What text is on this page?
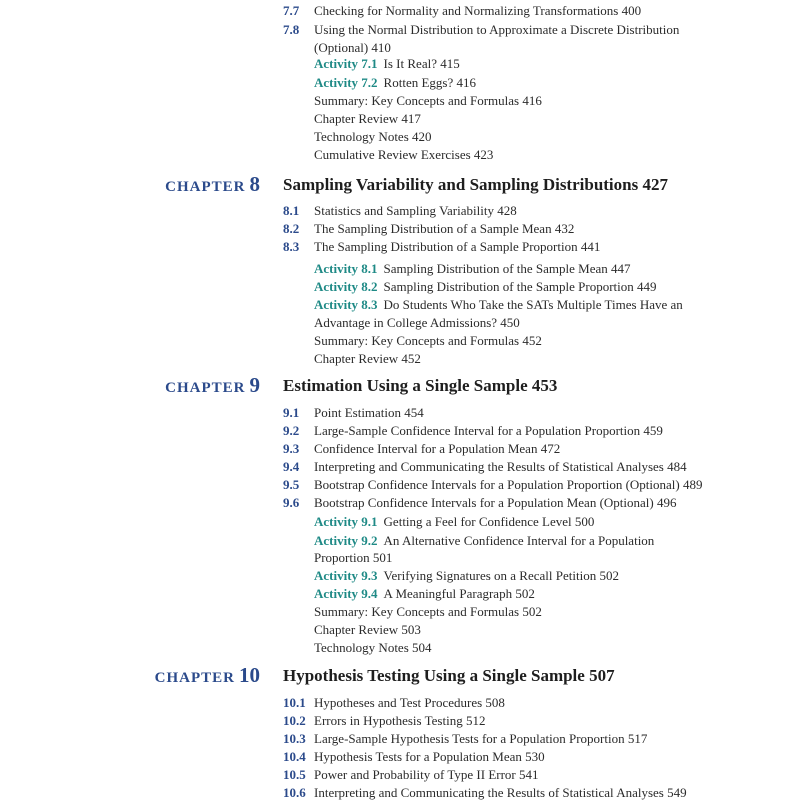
7.7 Checking for Normality and Normalizing Transformations 400
7.8 Using the Normal Distribution to Approximate a Discrete Distribution
(Optional) 410
Activity 7.1 Is It Real? 415
Activity 7.2 Rotten Eggs? 416
Summary: Key Concepts and Formulas 416
Chapter Review 417
Technology Notes 420
Cumulative Review Exercises 423
CHAPTER 8 Sampling Variability and Sampling Distributions 427
8.1 Statistics and Sampling Variability 428
8.2 The Sampling Distribution of a Sample Mean 432
8.3 The Sampling Distribution of a Sample Proportion 441
Activity 8.1 Sampling Distribution of the Sample Mean 447
Activity 8.2 Sampling Distribution of the Sample Proportion 449
Activity 8.3 Do Students Who Take the SATs Multiple Times Have an
Advantage in College Admissions? 450
Summary: Key Concepts and Formulas 452
Chapter Review 452
CHAPTER 9 Estimation Using a Single Sample 453
9.1 Point Estimation 454
9.2 Large-Sample Confidence Interval for a Population Proportion 459
9.3 Confidence Interval for a Population Mean 472
9.4 Interpreting and Communicating the Results of Statistical Analyses 484
9.5 Bootstrap Confidence Intervals for a Population Proportion (Optional) 489
9.6 Bootstrap Confidence Intervals for a Population Mean (Optional) 496
Activity 9.1 Getting a Feel for Confidence Level 500
Activity 9.2 An Alternative Confidence Interval for a Population
Proportion 501
Activity 9.3 Verifying Signatures on a Recall Petition 502
Activity 9.4 A Meaningful Paragraph 502
Summary: Key Concepts and Formulas 502
Chapter Review 503
Technology Notes 504
CHAPTER 10 Hypothesis Testing Using a Single Sample 507
10.1 Hypotheses and Test Procedures 508
10.2 Errors in Hypothesis Testing 512
10.3 Large-Sample Hypothesis Tests for a Population Proportion 517
10.4 Hypothesis Tests for a Population Mean 530
10.5 Power and Probability of Type II Error 541
10.6 Interpreting and Communicating the Results of Statistical Analyses 549
